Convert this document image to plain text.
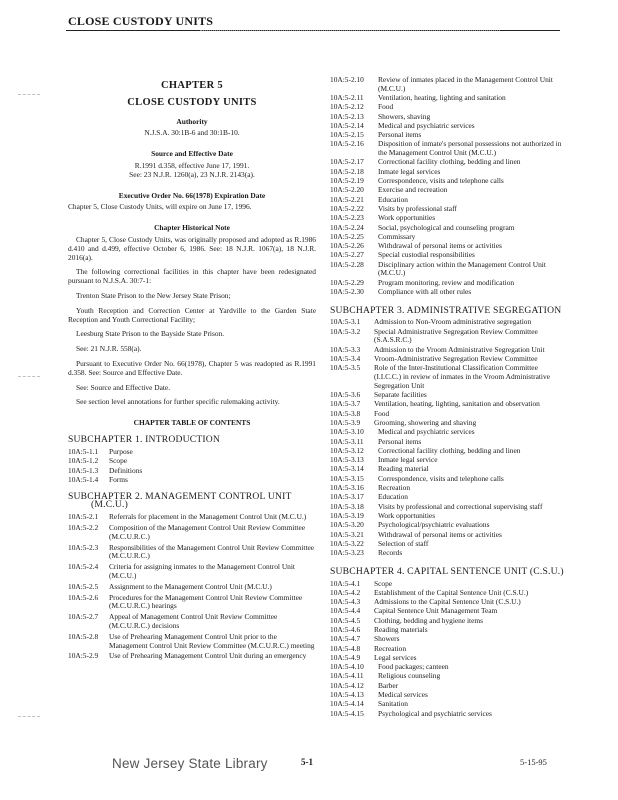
CLOSE CUSTODY UNITS
CHAPTER 5
CLOSE CUSTODY UNITS
Authority
N.J.S.A. 30:1B-6 and 30:1B-10.
Source and Effective Date
R.1991 d.358, effective June 17, 1991.
See: 23 N.J.R. 1260(a), 23 N.J.R. 2143(a).
Executive Order No. 66(1978) Expiration Date
Chapter 5, Close Custody Units, will expire on June 17, 1996.
Chapter Historical Note
Chapter 5, Close Custody Units, was originally proposed and adopted as R.1986 d.410 and d.499, effective October 6, 1986. See: 18 N.J.R. 1067(a), 18 N.J.R. 2016(a).
The following correctional facilities in this chapter have been redesignated pursuant to N.J.S.A. 30:7-1:
Trenton State Prison to the New Jersey State Prison;
Youth Reception and Correction Center at Yardville to the Garden State Reception and Youth Correctional Facility;
Leesburg State Prison to the Bayside State Prison.
See: 21 N.J.R. 558(a).
Pursuant to Executive Order No. 66(1978), Chapter 5 was readopted as R.1991 d.358. See: Source and Effective Date.
See: Source and Effective Date.
See section level annotations for further specific rulemaking activity.
CHAPTER TABLE OF CONTENTS
SUBCHAPTER 1. INTRODUCTION
10A:5-1.1	Purpose
10A:5-1.2	Scope
10A:5-1.3	Definitions
10A:5-1.4	Forms
SUBCHAPTER 2. MANAGEMENT CONTROL UNIT
(M.C.U.)
10A:5-2.1	Referrals for placement in the Management Control Unit (M.C.U.)
10A:5-2.2	Composition of the Management Control Unit Review Committee (M.C.U.R.C.)
10A:5-2.3	Responsibilities of the Management Control Unit Review Committee (M.C.U.R.C.)
10A:5-2.4	Criteria for assigning inmates to the Management Control Unit (M.C.U.)
10A:5-2.5	Assignment to the Management Control Unit (M.C.U.)
10A:5-2.6	Procedures for the Management Control Unit Review Committee (M.C.U.R.C.) hearings
10A:5-2.7	Appeal of Management Control Unit Review Committee (M.C.U.R.C.) decisions
10A:5-2.8	Use of Prehearing Management Control Unit prior to the Management Control Unit Review Committee (M.C.U.R.C.) meeting
10A:5-2.9	Use of Prehearing Management Control Unit during an emergency
10A:5-2.10	Review of inmates placed in the Management Control Unit (M.C.U.)
10A:5-2.11	Ventilation, heating, lighting and sanitation
10A:5-2.12	Food
10A:5-2.13	Showers, shaving
10A:5-2.14	Medical and psychiatric services
10A:5-2.15	Personal items
10A:5-2.16	Disposition of inmate's personal possessions not authorized in the Management Control Unit (M.C.U.)
10A:5-2.17	Correctional facility clothing, bedding and linen
10A:5-2.18	Inmate legal services
10A:5-2.19	Correspondence, visits and telephone calls
10A:5-2.20	Exercise and recreation
10A:5-2.21	Education
10A:5-2.22	Visits by professional staff
10A:5-2.23	Work opportunities
10A:5-2.24	Social, psychological and counseling program
10A:5-2.25	Commissary
10A:5-2.26	Withdrawal of personal items or activities
10A:5-2.27	Special custodial responsibilities
10A:5-2.28	Disciplinary action within the Management Control Unit (M.C.U.)
10A:5-2.29	Program monitoring, review and modification
10A:5-2.30	Compliance with all other rules
SUBCHAPTER 3. ADMINISTRATIVE SEGREGATION
10A:5-3.1	Admission to Non-Vroom administrative segregation
10A:5-3.2	Special Administrative Segregation Review Committee (S.A.S.R.C.)
10A:5-3.3	Admission to the Vroom Administrative Segregation Unit
10A:5-3.4	Vroom-Administrative Segregation Review Committee
10A:5-3.5	Role of the Inter-Institutional Classification Committee (I.I.C.C.) in review of inmates in the Vroom Administrative Segregation Unit
10A:5-3.6	Separate facilities
10A:5-3.7	Ventilation, heating, lighting, sanitation and observation
10A:5-3.8	Food
10A:5-3.9	Grooming, showering and shaving
10A:5-3.10	Medical and psychiatric services
10A:5-3.11	Personal items
10A:5-3.12	Correctional facility clothing, bedding and linen
10A:5-3.13	Inmate legal service
10A:5-3.14	Reading material
10A:5-3.15	Correspondence, visits and telephone calls
10A:5-3.16	Recreation
10A:5-3.17	Education
10A:5-3.18	Visits by professional and correctional supervising staff
10A:5-3.19	Work opportunities
10A:5-3.20	Psychological/psychiatric evaluations
10A:5-3.21	Withdrawal of personal items or activities
10A:5-3.22	Selection of staff
10A:5-3.23	Records
SUBCHAPTER 4. CAPITAL SENTENCE UNIT (C.S.U.)
10A:5-4.1	Scope
10A:5-4.2	Establishment of the Capital Sentence Unit (C.S.U.)
10A:5-4.3	Admissions to the Capital Sentence Unit (C.S.U.)
10A:5-4.4	Capital Sentence Unit Management Team
10A:5-4.5	Clothing, bedding and hygiene items
10A:5-4.6	Reading materials
10A:5-4.7	Showers
10A:5-4.8	Recreation
10A:5-4.9	Legal services
10A:5-4.10	Food packages; canteen
10A:5-4.11	Religious counseling
10A:5-4.12	Barber
10A:5-4.13	Medical services
10A:5-4.14	Sanitation
10A:5-4.15	Psychological and psychiatric services
New Jersey State Library	5-1	5-15-95
